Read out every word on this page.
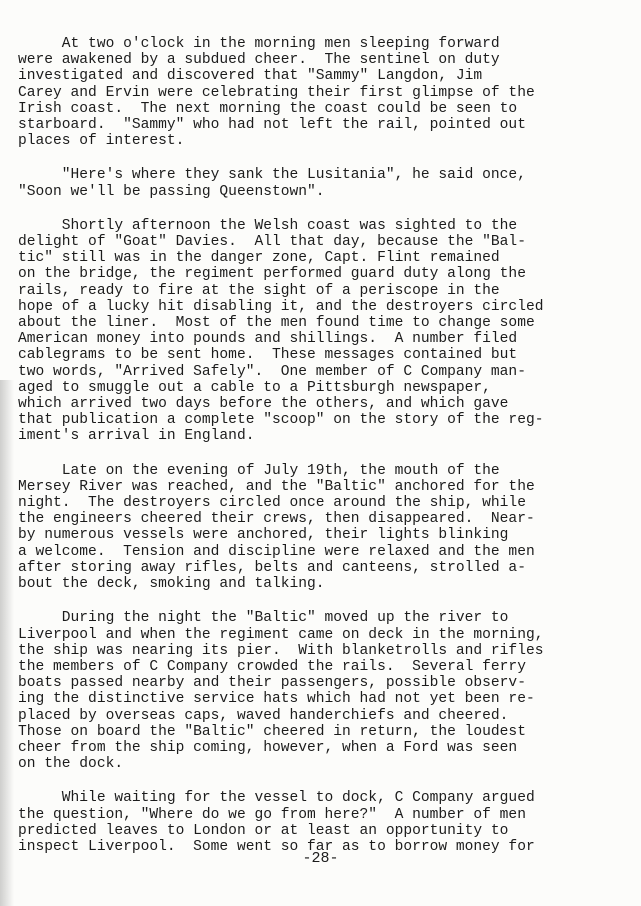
At two o'clock in the morning men sleeping forward
were awakened by a subdued cheer.  The sentinel on duty
investigated and discovered that "Sammy" Langdon, Jim
Carey and Ervin were celebrating their first glimpse of the
Irish coast.  The next morning the coast could be seen to
starboard.  "Sammy" who had not left the rail, pointed out
places of interest.

"Here's where they sank the Lusitania", he said once,
"Soon we'll be passing Queenstown".

Shortly afternoon the Welsh coast was sighted to the
delight of "Goat" Davies.  All that day, because the "Bal-
tic" still was in the danger zone, Capt. Flint remained
on the bridge, the regiment performed guard duty along the
rails, ready to fire at the sight of a periscope in the
hope of a lucky hit disabling it, and the destroyers circled
about the liner.  Most of the men found time to change some
American money into pounds and shillings.  A number filed
cablegrams to be sent home.  These messages contained but
two words, "Arrived Safely".  One member of C Company man-
aged to smuggle out a cable to a Pittsburgh newspaper,
which arrived two days before the others, and which gave
that publication a complete "scoop" on the story of the reg-
iment's arrival in England.

Late on the evening of July 19th, the mouth of the
Mersey River was reached, and the "Baltic" anchored for the
night.  The destroyers circled once around the ship, while
the engineers cheered their crews, then disappeared.  Near-
by numerous vessels were anchored, their lights blinking
a welcome.  Tension and discipline were relaxed and the men
after storing away rifles, belts and canteens, strolled a-
bout the deck, smoking and talking.

During the night the "Baltic" moved up the river to
Liverpool and when the regiment came on deck in the morning,
the ship was nearing its pier.  With blanketrolls and rifles
the members of C Company crowded the rails.  Several ferry
boats passed nearby and their passengers, possible observ-
ing the distinctive service hats which had not yet been re-
placed by overseas caps, waved handerchiefs and cheered.
Those on board the "Baltic" cheered in return, the loudest
cheer from the ship coming, however, when a Ford was seen
on the dock.

While waiting for the vessel to dock, C Company argued
the question, "Where do we go from here?"  A number of men
predicted leaves to London or at least an opportunity to
inspect Liverpool.  Some went so far as to borrow money for

-28-
